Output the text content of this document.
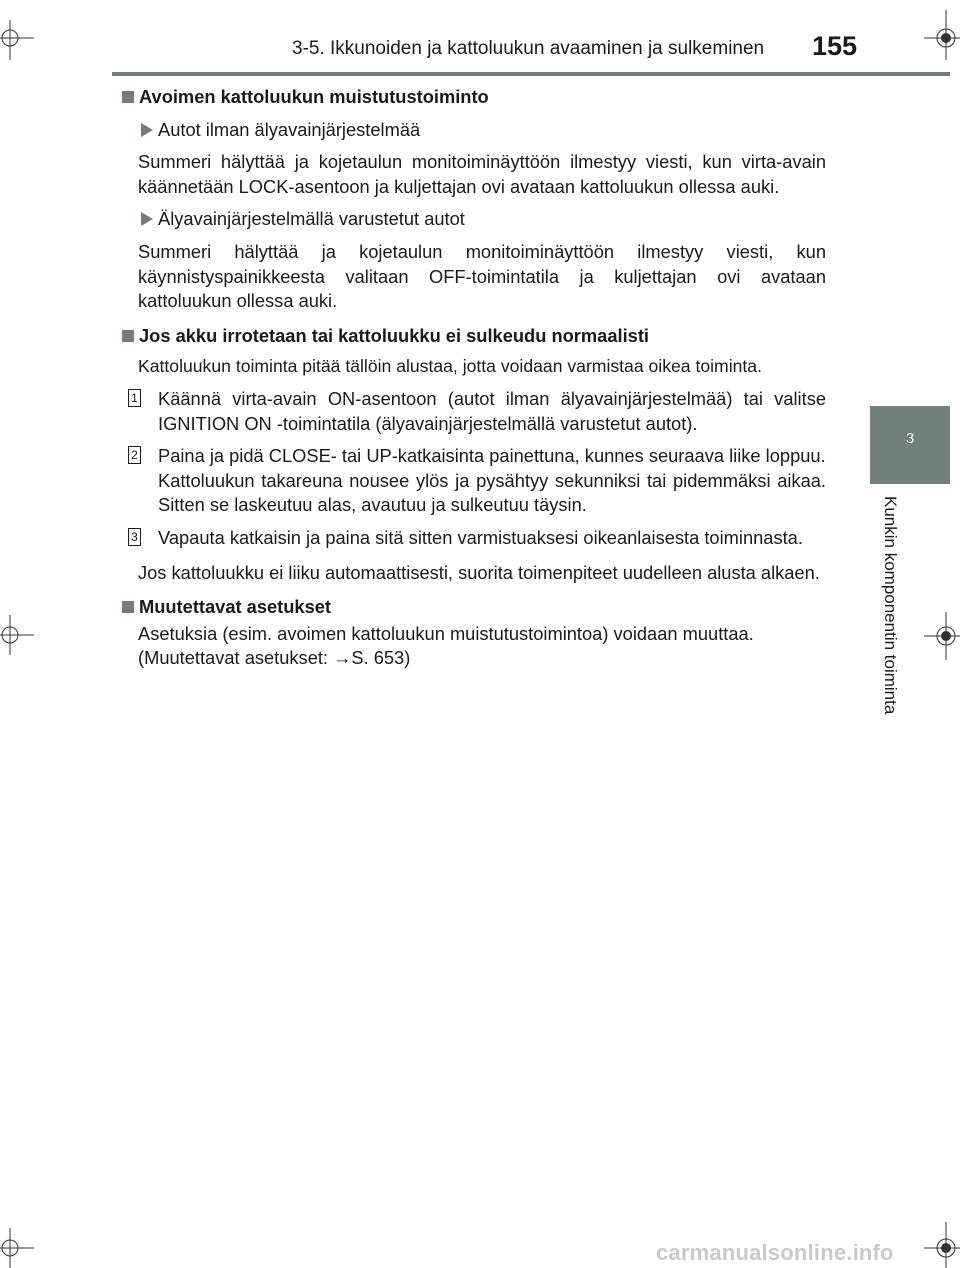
3-5. Ikkunoiden ja kattoluukun avaaminen ja sulkeminen	155
3
Kunkin komponentin toiminta
Avoimen kattoluukun muistutustoiminto
Autot ilman älyavainjärjestelmää
Summeri hälyttää ja kojetaulun monitoiminäyttöön ilmestyy viesti, kun virta-avain käännetään LOCK-asentoon ja kuljettajan ovi avataan kattoluukun ollessa auki.
Älyavainjärjestelmällä varustetut autot
Summeri hälyttää ja kojetaulun monitoiminäyttöön ilmestyy viesti, kun käynnistyspainikkeesta valitaan OFF-toimintatila ja kuljettajan ovi avataan kattoluukun ollessa auki.
Jos akku irrotetaan tai kattoluukku ei sulkeudu normaalisti
Kattoluukun toiminta pitää tällöin alustaa, jotta voidaan varmistaa oikea toiminta.
1 Käännä virta-avain ON-asentoon (autot ilman älyavainjärjestelmää) tai valitse IGNITION ON -toimintatila (älyavainjärjestelmällä varustetut autot).
2 Paina ja pidä CLOSE- tai UP-katkaisinta painettuna, kunnes seuraava liike loppuu.
Kattoluukun takareuna nousee ylös ja pysähtyy sekunniksi tai pidemmäksi aikaa. Sitten se laskeutuu alas, avautuu ja sulkeutuu täysin.
3 Vapauta katkaisin ja paina sitä sitten varmistuaksesi oikeanlaisesta toiminnasta.
Jos kattoluukku ei liiku automaattisesti, suorita toimenpiteet uudelleen alusta alkaen.
Muutettavat asetukset
Asetuksia (esim. avoimen kattoluukun muistutustoimintoa) voidaan muuttaa.
(Muutettavat asetukset: →S. 653)
carmanualsonline.info
